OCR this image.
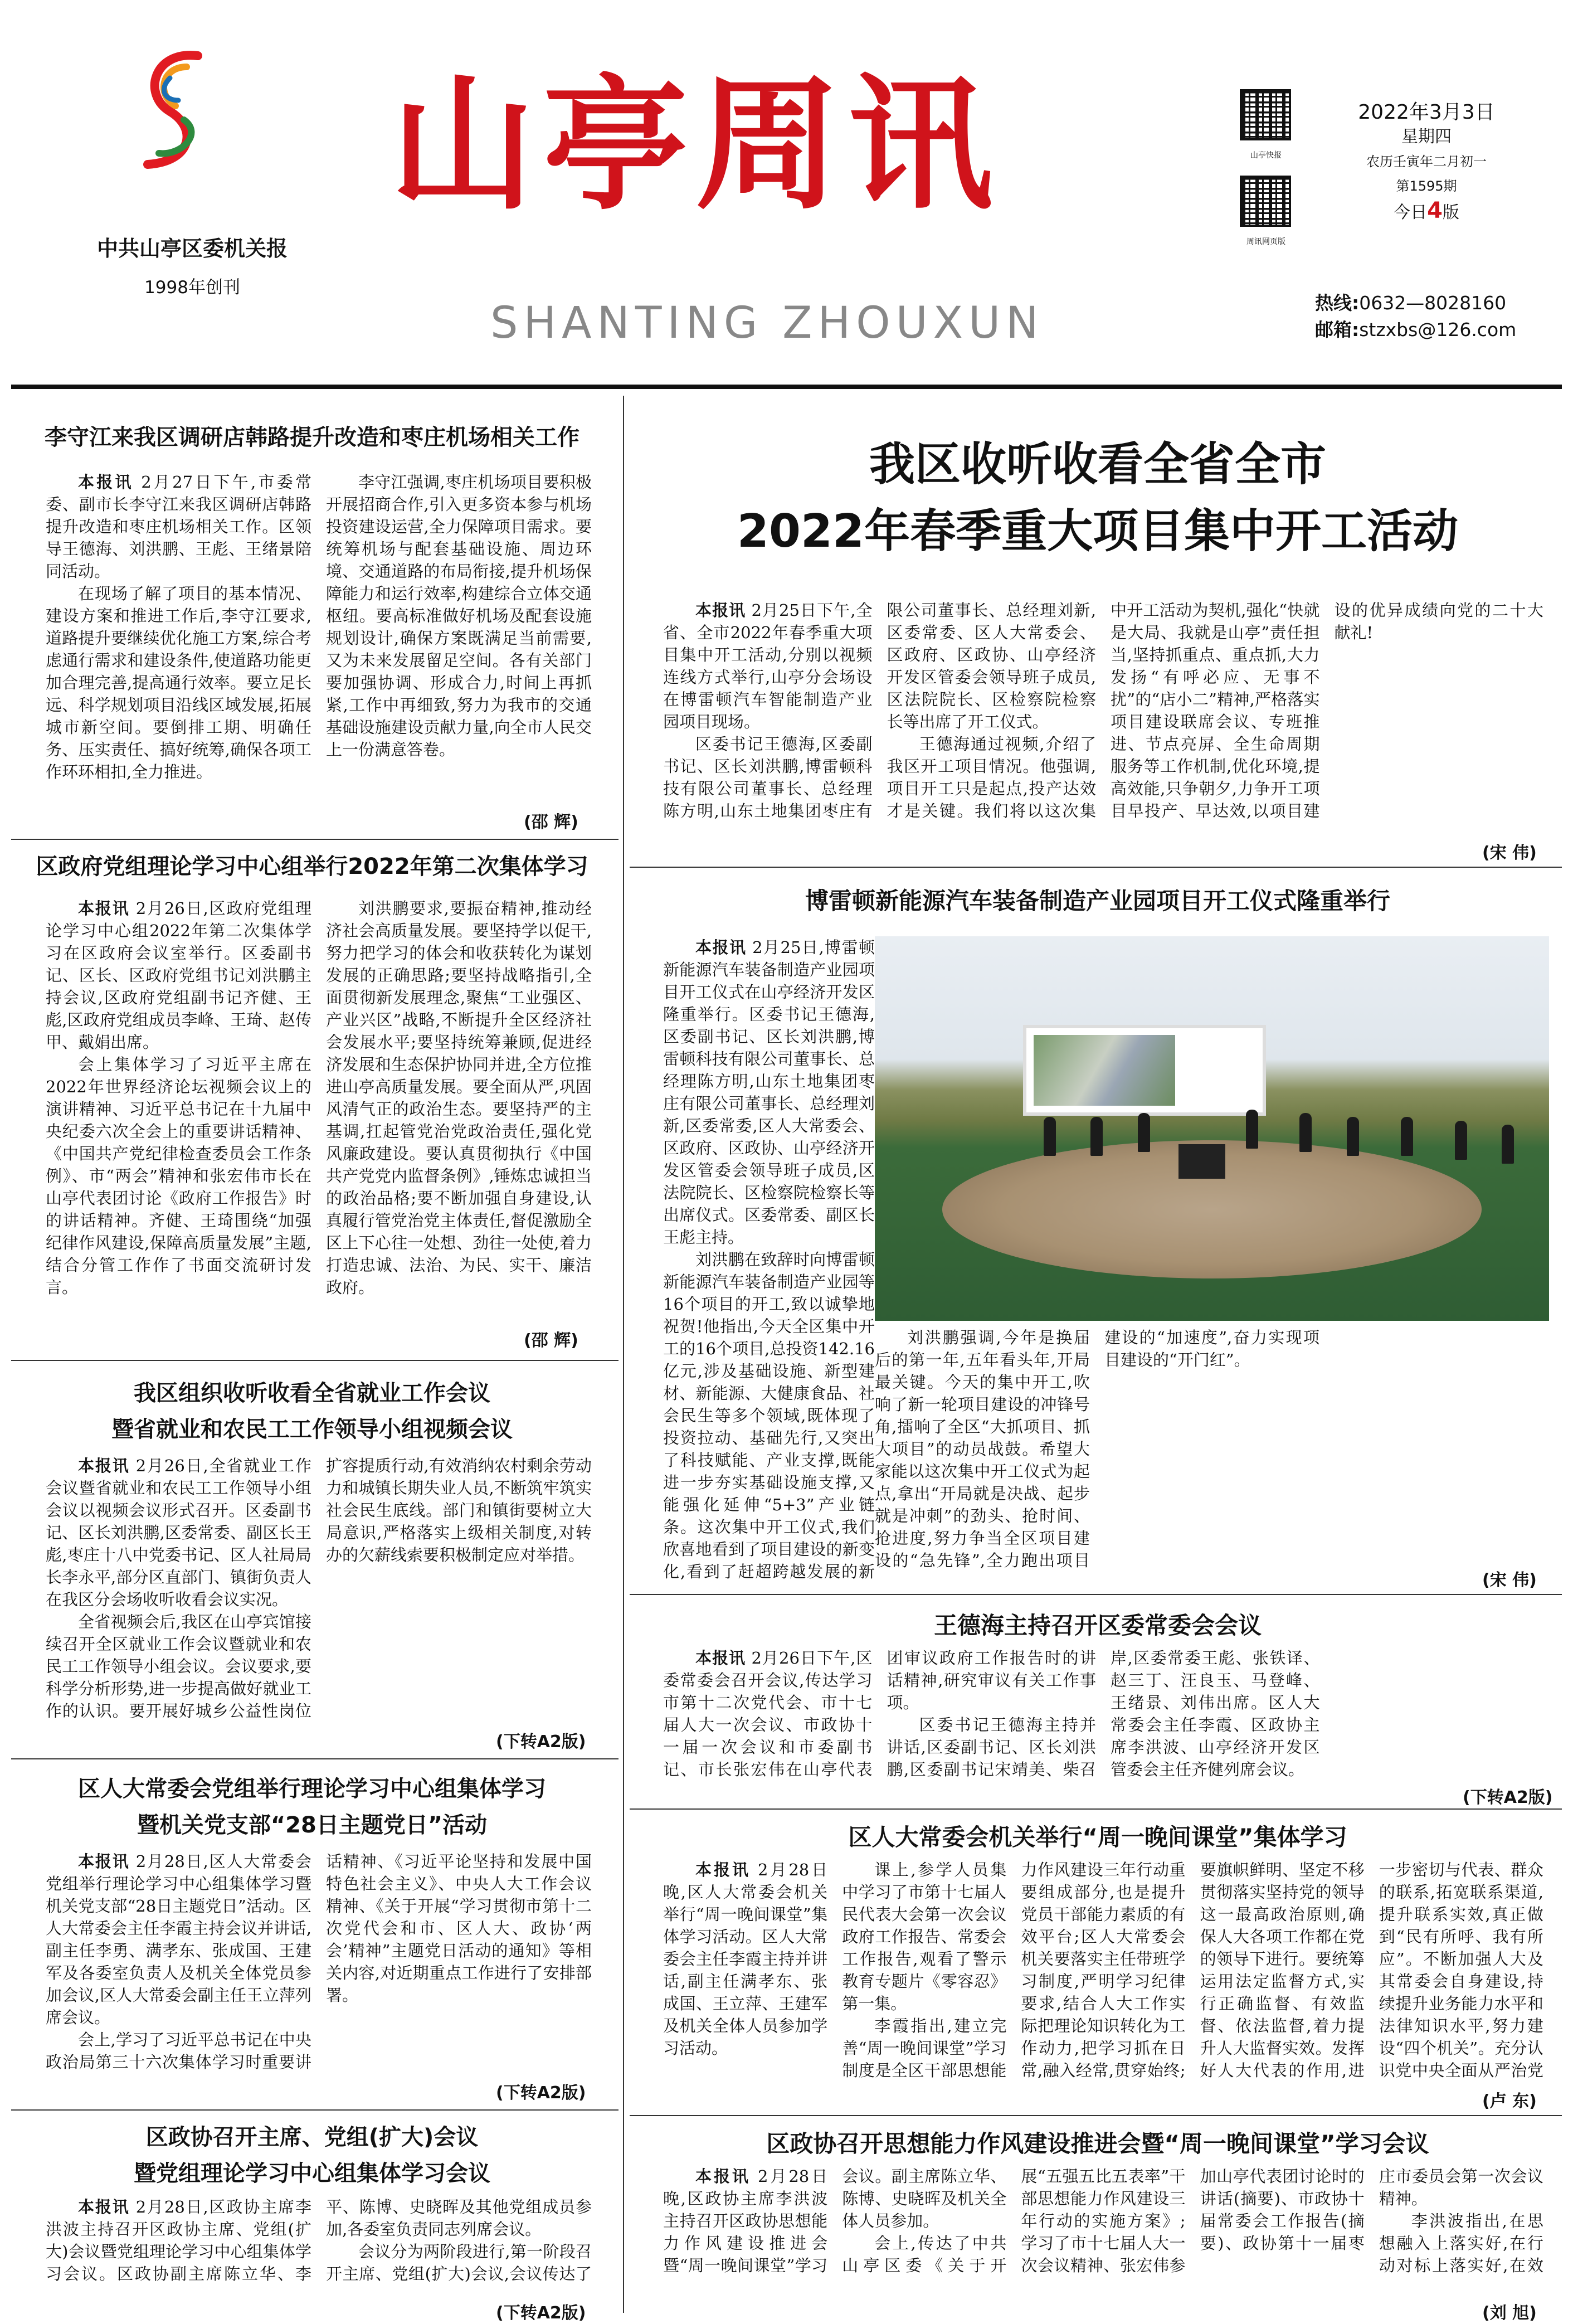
中共山亭区委机关报
1998年创刊
山亭周讯
SHANTING ZHOUXUN
山亭快报
周讯网页版
2022年3月3日
星期四
农历壬寅年二月初一
第1595期
今日4版
热线:0632—8028160
邮箱:stzxbs@126.com
李守江来我区调研店韩路提升改造和枣庄机场相关工作

本报讯 2月27日下午,市委常委、副市长李守江来我区调研店韩路提升改造和枣庄机场相关工作。区领导王德海、刘洪鹏、王彪、王绪景陪同活动。

在现场了解了项目的基本情况、建设方案和推进工作后,李守江要求,道路提升要继续优化施工方案,综合考虑通行需求和建设条件,使道路功能更加合理完善,提高通行效率。要立足长远、科学规划项目沿线区域发展,拓展城市新空间。要倒排工期、明确任务、压实责任、搞好统筹,确保各项工作环环相扣,全力推进。

李守江强调,枣庄机场项目要积极开展招商合作,引入更多资本参与机场投资建设运营,全力保障项目需求。要统筹机场与配套基础设施、周边环境、交通道路的布局衔接,提升机场保障能力和运行效率,构建综合立体交通枢纽。要高标准做好机场及配套设施规划设计,确保方案既满足当前需要,又为未来发展留足空间。各有关部门要加强协调、形成合力,时间上再抓紧,工作中再细致,努力为我市的交通基础设施建设贡献力量,向全市人民交上一份满意答卷。

(邵 辉)
区政府党组理论学习中心组举行2022年第二次集体学习

本报讯 2月26日,区政府党组理论学习中心组2022年第二次集体学习在区政府会议室举行。区委副书记、区长、区政府党组书记刘洪鹏主持会议,区政府党组副书记齐健、王彪,区政府党组成员李峰、王琦、赵传甲、戴娟出席。

会上集体学习了习近平主席在2022年世界经济论坛视频会议上的演讲精神、习近平总书记在十九届中央纪委六次全会上的重要讲话精神、《中国共产党纪律检查委员会工作条例》、市“两会”精神和张宏伟市长在山亭代表团讨论《政府工作报告》时的讲话精神。齐健、王琦围绕“加强纪律作风建设,保障高质量发展”主题,结合分管工作作了书面交流研讨发言。

刘洪鹏要求,要振奋精神,推动经济社会高质量发展。要坚持学以促干,努力把学习的体会和收获转化为谋划发展的正确思路;要坚持战略指引,全面贯彻新发展理念,聚焦“工业强区、产业兴区”战略,不断提升全区经济社会发展水平;要坚持统筹兼顾,促进经济发展和生态保护协同并进,全方位推进山亭高质量发展。要全面从严,巩固风清气正的政治生态。要坚持严的主基调,扛起管党治党政治责任,强化党风廉政建设。要认真贯彻执行《中国共产党党内监督条例》,锤炼忠诚担当的政治品格;要不断加强自身建设,认真履行管党治党主体责任,督促激励全区上下心往一处想、劲往一处使,着力打造忠诚、法治、为民、实干、廉洁政府。

(邵 辉)
我区组织收听收看全省就业工作会议
暨省就业和农民工工作领导小组视频会议

本报讯 2月26日,全省就业工作会议暨省就业和农民工工作领导小组会议以视频会议形式召开。区委副书记、区长刘洪鹏,区委常委、副区长王彪,枣庄十八中党委书记、区人社局局长李永平,部分区直部门、镇街负责人在我区分会场收听收看会议实况。

全省视频会后,我区在山亭宾馆接续召开全区就业工作会议暨就业和农民工工作领导小组会议。会议要求,要科学分析形势,进一步提高做好就业工作的认识。要开展好城乡公益性岗位扩容提质行动,有效消纳农村剩余劳动力和城镇长期失业人员,不断筑牢筑实社会民生底线。部门和镇街要树立大局意识,严格落实上级相关制度,对转办的欠薪线索要积极制定应对举措。

(下转A2版)
区人大常委会党组举行理论学习中心组集体学习
暨机关党支部“28日主题党日”活动

本报讯 2月28日,区人大常委会党组举行理论学习中心组集体学习暨机关党支部“28日主题党日”活动。区人大常委会主任李霞主持会议并讲话,副主任李勇、满孝东、张成国、王建军及各委室负责人及机关全体党员参加会议,区人大常委会副主任王立萍列席会议。

会上,学习了习近平总书记在中央政治局第三十六次集体学习时重要讲话精神、《习近平论坚持和发展中国特色社会主义》、中央人大工作会议精神、《关于开展“学习贯彻市第十二次党代会和市、区人大、政协‘两会’精神”主题党日活动的通知》等相关内容,对近期重点工作进行了安排部署。

(下转A2版)
区政协召开主席、党组(扩大)会议
暨党组理论学习中心组集体学习会议

本报讯 2月28日,区政协主席李洪波主持召开区政协主席、党组(扩大)会议暨党组理论学习中心组集体学习会议。区政协副主席陈立华、李平、陈博、史晓晖及其他党组成员参加,各委室负责同志列席会议。

会议分为两阶段进行,第一阶段召开主席、党组(扩大)会议,会议传达了

(下转A2版)
我区收听收看全省全市
2022年春季重大项目集中开工活动

本报讯 2月25日下午,全省、全市2022年春季重大项目集中开工活动,分别以视频连线方式举行,山亭分会场设在博雷顿汽车智能制造产业园项目现场。

区委书记王德海,区委副书记、区长刘洪鹏,博雷顿科技有限公司董事长、总经理陈方明,山东土地集团枣庄有限公司董事长、总经理刘新,区委常委、区人大常委会、区政府、区政协、山亭经济开发区管委会领导班子成员,区法院院长、区检察院检察长等出席了开工仪式。

王德海通过视频,介绍了我区开工项目情况。他强调,项目开工只是起点,投产达效才是关键。我们将以这次集中开工活动为契机,强化“快就是大局、我就是山亭”责任担当,坚持抓重点、重点抓,大力发扬“有呼必应、无事不扰”的“店小二”精神,严格落实项目建设联席会议、专班推进、节点亮屏、全生命周期服务等工作机制,优化环境,提高效能,只争朝夕,力争开工项目早投产、早达效,以项目建设的优异成绩向党的二十大献礼!

(宋 伟)
博雷顿新能源汽车装备制造产业园项目开工仪式隆重举行

本报讯 2月25日,博雷顿新能源汽车装备制造产业园项目开工仪式在山亭经济开发区隆重举行。区委书记王德海,区委副书记、区长刘洪鹏,博雷顿科技有限公司董事长、总经理陈方明,山东土地集团枣庄有限公司董事长、总经理刘新,区委常委,区人大常委会、区政府、区政协、山亭经济开发区管委会领导班子成员,区法院院长、区检察院检察长等出席仪式。区委常委、副区长王彪主持。

刘洪鹏在致辞时向博雷顿新能源汽车装备制造产业园等16个项目的开工,致以诚挚地祝贺!他指出,今天全区集中开工的16个项目,总投资142.16亿元,涉及基础设施、新型建材、新能源、大健康食品、社会民生等多个领域,既体现了投资拉动、基础先行,又突出了科技赋能、产业支撑,既能进一步夯实基础设施支撑,又能强化延伸“5+3”产业链条。这次集中开工仪式,我们欣喜地看到了项目建设的新变化,看到了赶超跨越发展的新

刘洪鹏强调,今年是换届后的第一年,五年看头年,开局最关键。今天的集中开工,吹响了新一轮项目建设的冲锋号角,擂响了全区“大抓项目、抓大项目”的动员战鼓。希望大家能以这次集中开工仪式为起点,拿出“开局就是决战、起步就是冲刺”的劲头、抢时间、抢进度,努力争当全区项目建设的“急先锋”,全力跑出项目建设的“加速度”,奋力实现项目建设的“开门红”。

(宋 伟)
王德海主持召开区委常委会会议

本报讯 2月26日下午,区委常委会召开会议,传达学习市第十二次党代会、市十七届人大一次会议、市政协十一届一次会议和市委副书记、市长张宏伟在山亭代表团审议政府工作报告时的讲话精神,研究审议有关工作事项。

区委书记王德海主持并讲话,区委副书记、区长刘洪鹏,区委副书记宋靖美、柴召岸,区委常委王彪、张铁译、赵三丁、汪良玉、马登峰、王绪景、刘伟出席。区人大常委会主任李霞、区政协主席李洪波、山亭经济开发区管委会主任齐健列席会议。

(下转A2版)
区人大常委会机关举行“周一晚间课堂”集体学习

本报讯 2月28日晚,区人大常委会机关举行“周一晚间课堂”集体学习活动。区人大常委会主任李霞主持并讲话,副主任满孝东、张成国、王立萍、王建军及机关全体人员参加学习活动。

课上,参学人员集中学习了市第十七届人民代表大会第一次会议政府工作报告、常委会工作报告,观看了警示教育专题片《零容忍》第一集。

李霞指出,建立完善“周一晚间课堂”学习制度是全区干部思想能力作风建设三年行动重要组成部分,也是提升党员干部能力素质的有效平台;区人大常委会机关要落实主任带班学习制度,严明学习纪律要求,结合人大工作实际把理论知识转化为工作动力,把学习抓在日常,融入经常,贯穿始终;要旗帜鲜明、坚定不移贯彻落实坚持党的领导这一最高政治原则,确保人大各项工作都在党的领导下进行。要统筹运用法定监督方式,实行正确监督、有效监督、依法监督,着力提升人大监督实效。发挥好人大代表的作用,进一步密切与代表、群众的联系,拓宽联系渠道,提升联系实效,真正做到“民有所呼、我有所应”。不断加强人大及其常委会自身建设,持续提升业务能力水平和法律知识水平,努力建设“四个机关”。充分认识党中央全面从严治党

(卢 东)
区政协召开思想能力作风建设推进会暨“周一晚间课堂”学习会议

本报讯 2月28日晚,区政协主席李洪波主持召开区政协思想能力作风建设推进会暨“周一晚间课堂”学习会议。副主席陈立华、陈博、史晓晖及机关全体人员参加。

会上,传达了中共山亭区委《关于开展“五强五比五表率”干部思想能力作风建设三年行动的实施方案》;学习了市十七届人大一次会议精神、张宏伟参加山亭代表团讨论时的讲话(摘要)、市政协十届常委会工作报告(摘要)、政协第十一届枣庄市委员会第一次会议精神。

李洪波指出,在思想融入上落实好,在行动对标上落实好,在效

(刘 旭)
